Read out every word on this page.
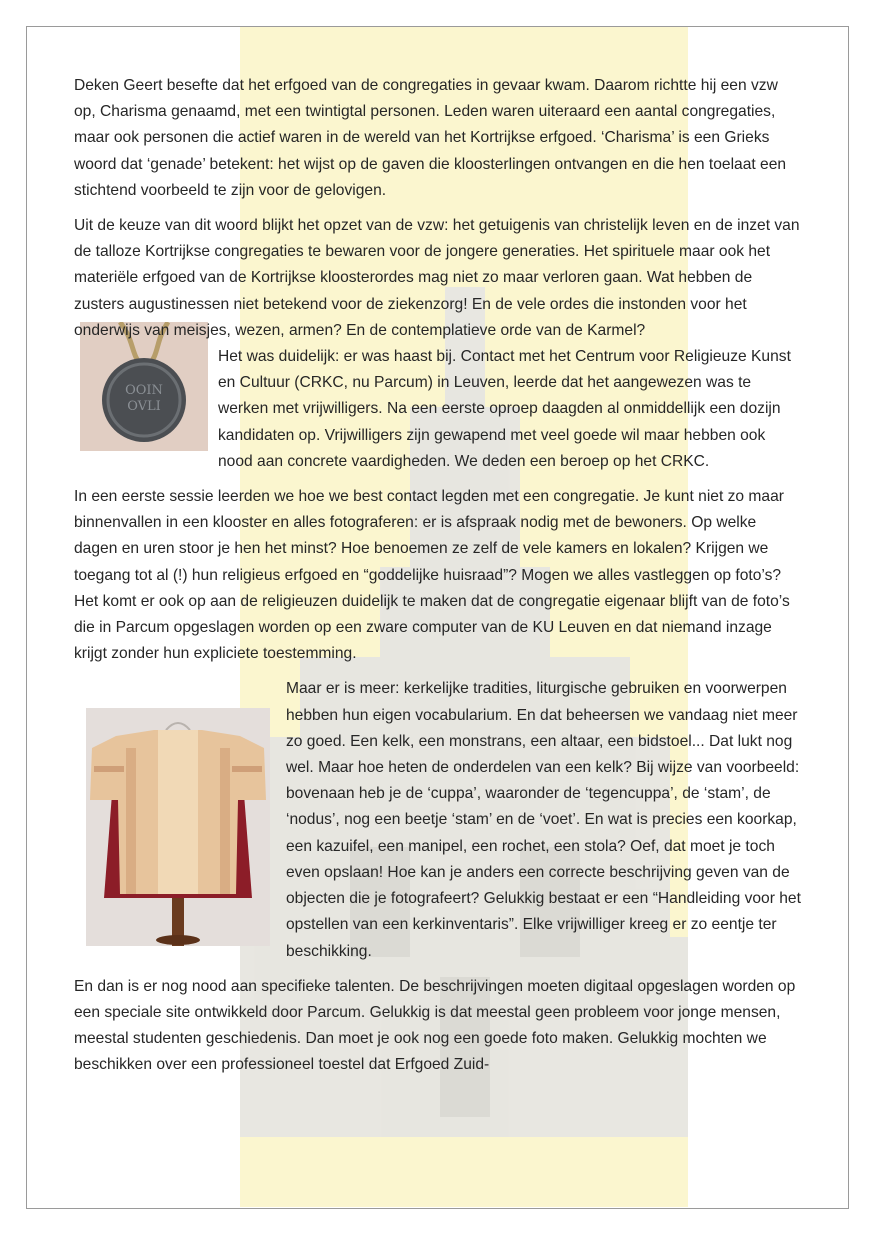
Deken Geert besefte dat het erfgoed van de congregaties in gevaar kwam. Daarom richtte hij een vzw op, Charisma genaamd, met een twintigtal personen. Leden waren uiteraard een aantal congregaties, maar ook personen die actief waren in de wereld van het Kortrijkse erfgoed. ‘Charisma’ is een Grieks woord dat ‘genade’ betekent: het wijst op de gaven die kloosterlingen ontvangen en die hen toelaat een stichtend voorbeeld te zijn voor de gelovigen.

Uit de keuze van dit woord blijkt het opzet van de vzw: het getuigenis van christelijk leven en de inzet van de talloze Kortrijkse congregaties te bewaren voor de jongere generaties. Het spirituele maar ook het materiële erfgoed van de Kortrijkse kloosterordes mag niet zo maar verloren gaan. Wat hebben de zusters augustinessen niet betekend voor de ziekenzorg! En de vele ordes die instonden voor het onderwijs van meisjes, wezen, armen? En de contemplatieve orde van de Karmel?

OOIN
OVLI

Het was duidelijk: er was haast bij. Contact met het Centrum voor Religieuze Kunst en Cultuur (CRKC, nu Parcum) in Leuven, leerde dat het aangewezen was te werken met vrijwilligers. Na een eerste oproep daagden al onmiddellijk een dozijn kandidaten op. Vrijwilligers zijn gewapend met veel goede wil maar hebben ook nood aan concrete vaardigheden. We deden een beroep op het CRKC.

In een eerste sessie leerden we hoe we best contact legden met een congregatie. Je kunt niet zo maar binnenvallen in een klooster en alles fotograferen: er is afspraak nodig met de bewoners. Op welke dagen en uren stoor je hen het minst? Hoe benoemen ze zelf de vele kamers en lokalen? Krijgen we toegang tot al (!) hun religieus erfgoed en “goddelijke huisraad”? Mogen we alles vastleggen op foto’s? Het komt er ook op aan de religieuzen duidelijk te maken dat de congregatie eigenaar blijft van de foto’s die in Parcum opgeslagen worden op een zware computer van de KU Leuven en dat niemand inzage krijgt zonder hun expliciete toestemming.

Maar er is meer: kerkelijke tradities, liturgische gebruiken en voorwerpen hebben hun eigen vocabularium. En dat beheersen we vandaag niet meer zo goed. Een kelk, een monstrans, een altaar, een bidstoel... Dat lukt nog wel. Maar hoe heten de onderdelen van een kelk? Bij wijze van voorbeeld: bovenaan heb je de ‘cuppa’, waaronder de ‘tegencuppa’, de ‘stam’, de ‘nodus’, nog een beetje ‘stam’ en de ‘voet’. En wat is precies een koorkap, een kazuifel, een manipel, een rochet, een stola? Oef, dat moet je toch even opslaan! Hoe kan je anders een correcte beschrijving geven van de objecten die je fotografeert? Gelukkig bestaat er een “Handleiding voor het opstellen van een kerkinventaris”. Elke vrijwilliger kreeg er zo eentje ter beschikking.

En dan is er nog nood aan specifieke talenten. De beschrijvingen moeten digitaal opgeslagen worden op een speciale site ontwikkeld door Parcum. Gelukkig is dat meestal geen probleem voor jonge mensen, meestal studenten geschiedenis. Dan moet je ook nog een goede foto maken. Gelukkig mochten we beschikken over een professioneel toestel dat Erfgoed Zuid-
